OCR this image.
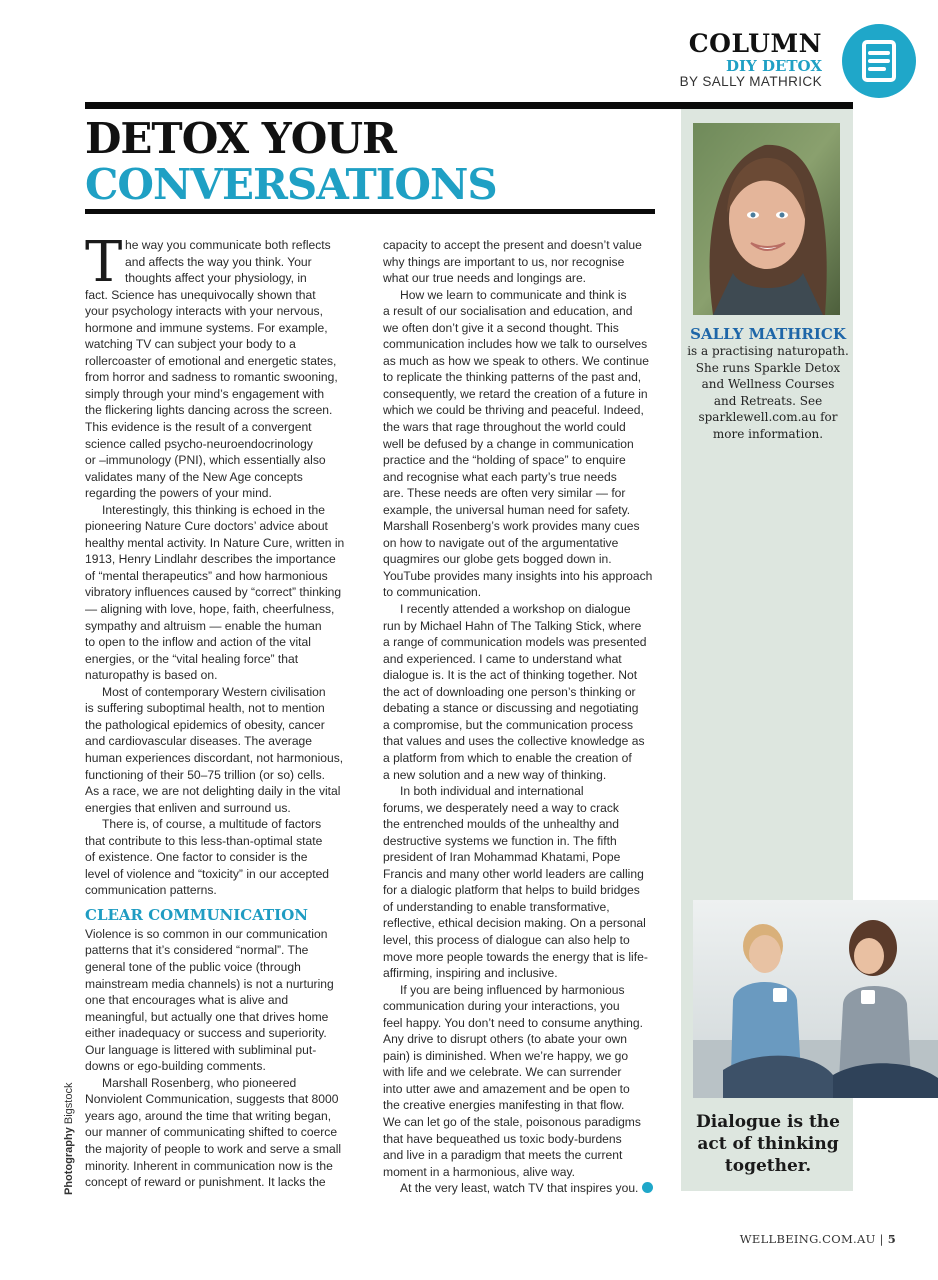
COLUMN
DIY DETOX
BY SALLY MATHRICK
DETOX YOUR
CONVERSATIONS
T he way you communicate both reflects
and affects the way you think. Your
thoughts affect your physiology, in
fact. Science has unequivocally shown that
your psychology interacts with your nervous,
hormone and immune systems. For example,
watching TV can subject your body to a
rollercoaster of emotional and energetic states,
from horror and sadness to romantic swooning,
simply through your mind’s engagement with
the flickering lights dancing across the screen.
This evidence is the result of a convergent
science called psycho-neuroendocrinology
or –immunology (PNI), which essentially also
validates many of the New Age concepts
regarding the powers of your mind.
Interestingly, this thinking is echoed in the
pioneering Nature Cure doctors’ advice about
healthy mental activity. In Nature Cure, written in
1913, Henry Lindlahr describes the importance
of “mental therapeutics” and how harmonious
vibratory influences caused by “correct” thinking
— aligning with love, hope, faith, cheerfulness,
sympathy and altruism — enable the human
to open to the inflow and action of the vital
energies, or the “vital healing force” that
naturopathy is based on.
Most of contemporary Western civilisation
is suffering suboptimal health, not to mention
the pathological epidemics of obesity, cancer
and cardiovascular diseases. The average
human experiences discordant, not harmonious,
functioning of their 50–75 trillion (or so) cells.
As a race, we are not delighting daily in the vital
energies that enliven and surround us.
There is, of course, a multitude of factors
that contribute to this less-than-optimal state
of existence. One factor to consider is the
level of violence and “toxicity” in our accepted
communication patterns.
CLEAR COMMUNICATION
Violence is so common in our communication
patterns that it’s considered “normal”. The
general tone of the public voice (through
mainstream media channels) is not a nurturing
one that encourages what is alive and
meaningful, but actually one that drives home
either inadequacy or success and superiority.
Our language is littered with subliminal put-
downs or ego-building comments.
Marshall Rosenberg, who pioneered
Nonviolent Communication, suggests that 8000
years ago, around the time that writing began,
our manner of communicating shifted to coerce
the majority of people to work and serve a small
minority. Inherent in communication now is the
concept of reward or punishment. It lacks the
capacity to accept the present and doesn’t value
why things are important to us, nor recognise
what our true needs and longings are.
How we learn to communicate and think is
a result of our socialisation and education, and
we often don’t give it a second thought. This
communication includes how we talk to ourselves
as much as how we speak to others. We continue
to replicate the thinking patterns of the past and,
consequently, we retard the creation of a future in
which we could be thriving and peaceful. Indeed,
the wars that rage throughout the world could
well be defused by a change in communication
practice and the “holding of space” to enquire
and recognise what each party’s true needs
are. These needs are often very similar — for
example, the universal human need for safety.
Marshall Rosenberg’s work provides many cues
on how to navigate out of the argumentative
quagmires our globe gets bogged down in.
YouTube provides many insights into his approach
to communication.
I recently attended a workshop on dialogue
run by Michael Hahn of The Talking Stick, where
a range of communication models was presented
and experienced. I came to understand what
dialogue is. It is the act of thinking together. Not
the act of downloading one person’s thinking or
debating a stance or discussing and negotiating
a compromise, but the communication process
that values and uses the collective knowledge as
a platform from which to enable the creation of
a new solution and a new way of thinking.
In both individual and international
forums, we desperately need a way to crack
the entrenched moulds of the unhealthy and
destructive systems we function in. The fifth
president of Iran Mohammad Khatami, Pope
Francis and many other world leaders are calling
for a dialogic platform that helps to build bridges
of understanding to enable transformative,
reflective, ethical decision making. On a personal
level, this process of dialogue can also help to
move more people towards the energy that is life-
affirming, inspiring and inclusive.
If you are being influenced by harmonious
communication during your interactions, you
feel happy. You don’t need to consume anything.
Any drive to disrupt others (to abate your own
pain) is diminished. When we’re happy, we go
with life and we celebrate. We can surrender
into utter awe and amazement and be open to
the creative energies manifesting in that flow.
We can let go of the stale, poisonous paradigms
that have bequeathed us toxic body-burdens
and live in a paradigm that meets the current
moment in a harmonious, alive way.
At the very least, watch TV that inspires you.
SALLY MATHRICK
is a practising naturopath.
She runs Sparkle Detox
and Wellness Courses
and Retreats. See
sparklewell.com.au for
more information.
Dialogue is the act of thinking together.
Photography Bigstock
WELLBEING.COM.AU | 5
